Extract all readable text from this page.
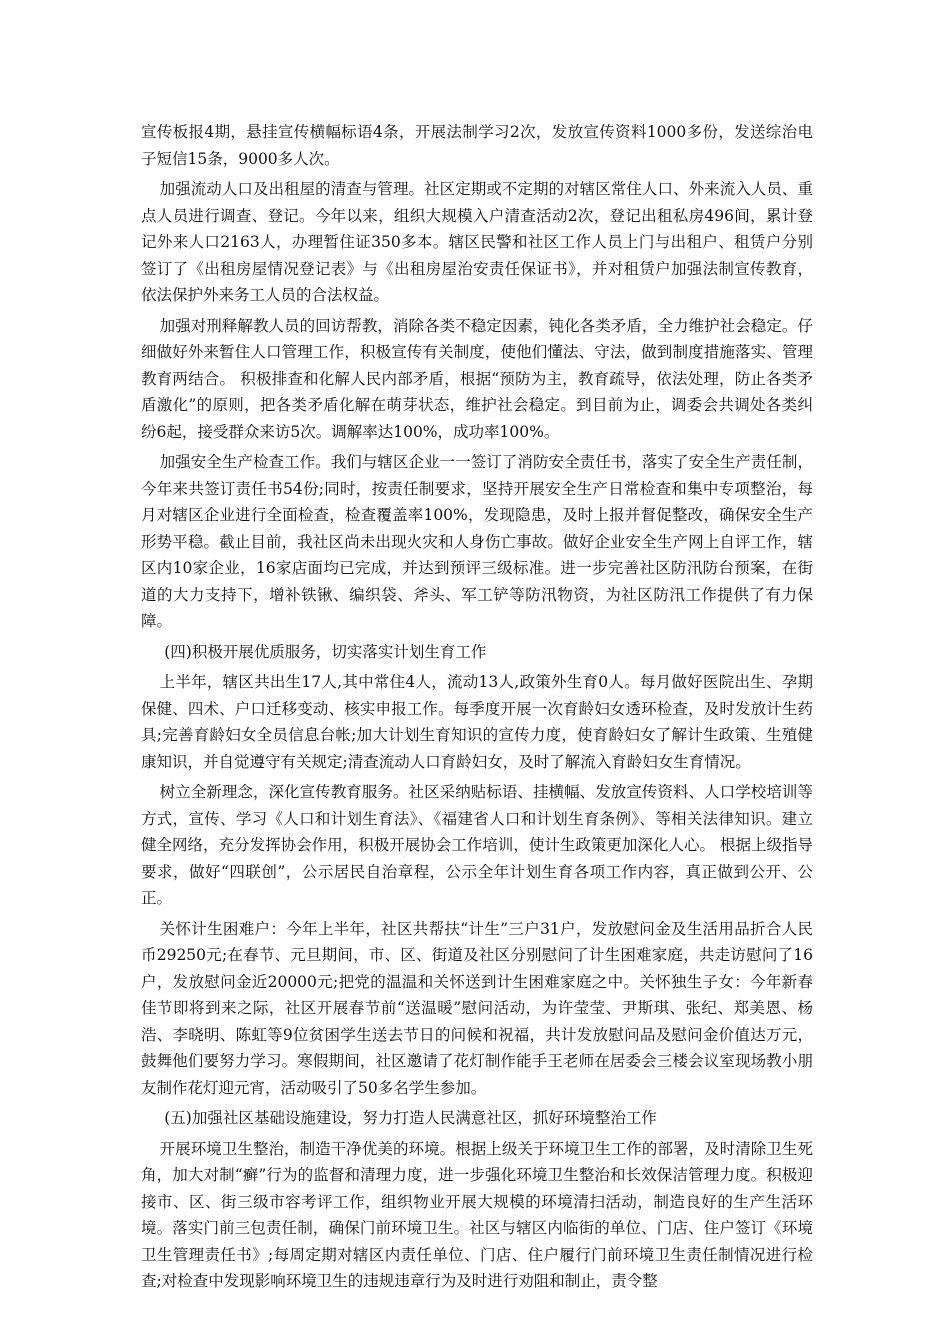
宣传板报4期，悬挂宣传横幅标语4条，开展法制学习2次，发放宣传资料1000多份，发送综治电子短信15条，9000多人次。

加强流动人口及出租屋的清查与管理。社区定期或不定期的对辖区常住人口、外来流入人员、重点人员进行调查、登记。今年以来，组织大规模入户清查活动2次，登记出租私房496间，累计登记外来人口2163人，办理暂住证350多本。辖区民警和社区工作人员上门与出租户、租赁户分别签订了《出租房屋情况登记表》与《出租房屋治安责任保证书》，并对租赁户加强法制宣传教育，依法保护外来务工人员的合法权益。

加强对刑释解教人员的回访帮教，消除各类不稳定因素，钝化各类矛盾，全力维护社会稳定。仔细做好外来暂住人口管理工作，积极宣传有关制度，使他们懂法、守法，做到制度措施落实、管理教育两结合。 积极排查和化解人民内部矛盾，根据“预防为主，教育疏导，依法处理，防止各类矛盾激化”的原则，把各类矛盾化解在萌芽状态，维护社会稳定。到目前为止，调委会共调处各类纠纷6起，接受群众来访5次。调解率达100%，成功率100%。

加强安全生产检查工作。我们与辖区企业一一签订了消防安全责任书，落实了安全生产责任制，今年来共签订责任书54份;同时，按责任制要求，坚持开展安全生产日常检查和集中专项整治，每月对辖区企业进行全面检查，检查覆盖率100%，发现隐患，及时上报并督促整改，确保安全生产形势平稳。截止目前，我社区尚未出现火灾和人身伤亡事故。做好企业安全生产网上自评工作，辖区内10家企业，16家店面均已完成，并达到预评三级标准。进一步完善社区防汛防台预案，在街道的大力支持下，增补铁锹、编织袋、斧头、军工铲等防汛物资，为社区防汛工作提供了有力保障。

(四)积极开展优质服务，切实落实计划生育工作

上半年，辖区共出生17人,其中常住4人，流动13人,政策外生育0人。每月做好医院出生、孕期保健、四术、户口迁移变动、核实申报工作。每季度开展一次育龄妇女透环检查，及时发放计生药具;完善育龄妇女全员信息台帐;加大计划生育知识的宣传力度，使育龄妇女了解计生政策、生殖健康知识，并自觉遵守有关规定;清查流动人口育龄妇女，及时了解流入育龄妇女生育情况。

树立全新理念，深化宣传教育服务。社区采纳贴标语、挂横幅、发放宣传资料、人口学校培训等方式，宣传、学习《人口和计划生育法》、《福建省人口和计划生育条例》、等相关法律知识。建立健全网络，充分发挥协会作用，积极开展协会工作培训，使计生政策更加深化人心。 根据上级指导要求，做好“四联创”，公示居民自治章程，公示全年计划生育各项工作内容，真正做到公开、公正。

关怀计生困难户：今年上半年，社区共帮扶“计生”三户31户，发放慰问金及生活用品折合人民币29250元;在春节、元旦期间，市、区、街道及社区分别慰问了计生困难家庭，共走访慰问了16户，发放慰问金近20000元;把党的温温和关怀送到计生困难家庭之中。关怀独生子女：今年新春佳节即将到来之际，社区开展春节前“送温暖”慰问活动，为许莹莹、尹斯琪、张纪、郑美恩、杨浩、李晓明、陈虹等9位贫困学生送去节日的问候和祝福，共计发放慰问品及慰问金价值达万元，鼓舞他们要努力学习。寒假期间，社区邀请了花灯制作能手王老师在居委会三楼会议室现场教小朋友制作花灯迎元宵，活动吸引了50多名学生参加。

(五)加强社区基础设施建设，努力打造人民满意社区，抓好环境整治工作

开展环境卫生整治，制造干净优美的环境。根据上级关于环境卫生工作的部署，及时清除卫生死角，加大对制“癣”行为的监督和清理力度，进一步强化环境卫生整治和长效保洁管理力度。积极迎接市、区、街三级市容考评工作，组织物业开展大规模的环境清扫活动，制造良好的生产生活环境。落实门前三包责任制，确保门前环境卫生。社区与辖区内临街的单位、门店、住户签订《环境卫生管理责任书》;每周定期对辖区内责任单位、门店、住户履行门前环境卫生责任制情况进行检查;对检查中发现影响环境卫生的违规违章行为及时进行劝阻和制止，责令整
